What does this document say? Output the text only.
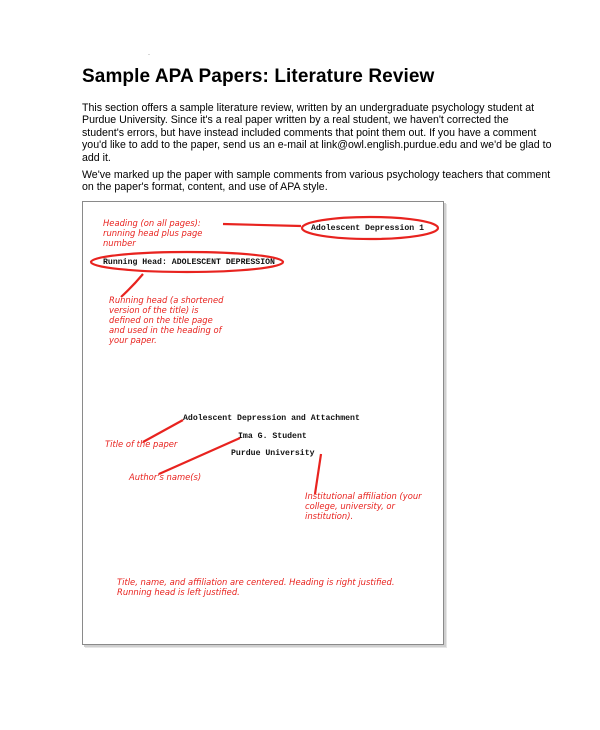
-
Sample APA Papers: Literature Review

This section offers a sample literature review, written by an undergraduate psychology student at Purdue University. Since it's a real paper written by a real student, we haven't corrected the student's errors, but have instead included comments that point them out. If you have a comment you'd like to add to the paper, send us an e-mail at link@owl.english.purdue.edu and we'd be glad to add it.

We've marked up the paper with sample comments from various psychology teachers that comment on the paper's format, content, and use of APA style.

Adolescent Depression 1
Running Head: ADOLESCENT DEPRESSION
Adolescent Depression and Attachment
Ima G. Student
Purdue University
Heading (on all pages):
running head plus page
number
Running head (a shortened
version of the title) is
defined on the title page
and used in the heading of
your paper.
Title of the paper
Author's name(s)
Institutional affiliation (your
college, university, or
institution).
Title, name, and affiliation are centered. Heading is right justified.
Running head is left justified.
